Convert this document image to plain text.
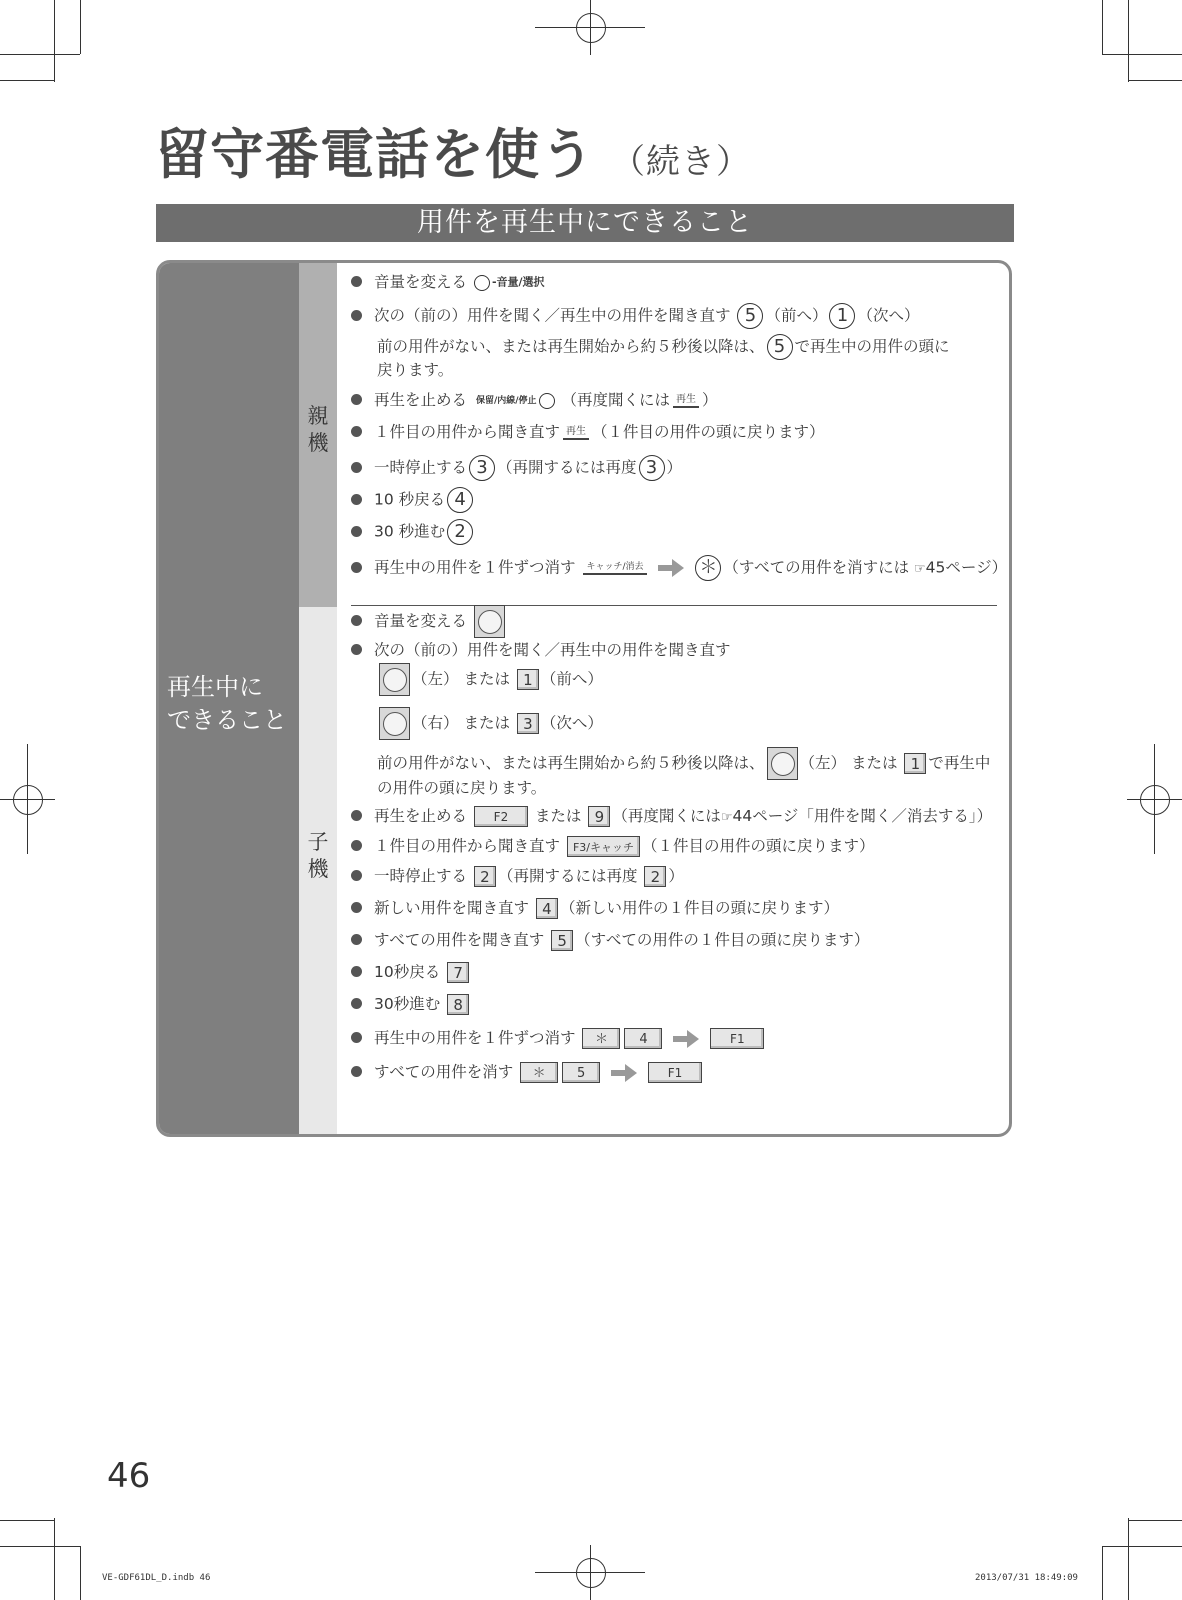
留守番電話を使う （続き）
用件を再生中にできること
再生中に
できること
親
機
子
機
音量を変える -音量/選択
次の（前の）用件を聞く／再生中の用件を聞き直す 5 （前へ） 1 （次へ）
前の用件がない、または再生開始から約５秒後以降は、 5 で再生中の用件の頭に
戻ります。
再生を止める 保留/内線/停止 （再度聞くには 再生 ）
１件目の用件から聞き直す 再生 （１件目の用件の頭に戻ります）
一時停止する 3 （再開するには再度 3 ）
10 秒戻る 4
30 秒進む 2
再生中の用件を１件ずつ消す キャッチ/消去	＊ （すべての用件を消すには ☞45ページ）
音量を変える
次の（前の）用件を聞く／再生中の用件を聞き直す
（左） または 1 （前へ）
（右） または 3 （次へ）
前の用件がない、または再生開始から約５秒後以降は、 （左） または 1 で再生中
の用件の頭に戻ります。
再生を止める F2 または 9 （再度聞くには☞44ページ「用件を聞く／消去する」）
１件目の用件から聞き直す F3/キャッチ （１件目の用件の頭に戻ります）
一時停止する 2 （再開するには再度 2 ）
新しい用件を聞き直す 4 （新しい用件の１件目の頭に戻ります）
すべての用件を聞き直す 5 （すべての用件の１件目の頭に戻ります）
10秒戻る 7
30秒進む 8
再生中の用件を１件ずつ消す ＊ 4	F1
すべての用件を消す ＊ 5	F1
46
VE-GDF61DL_D.indb 46	2013/07/31 18:49:09
